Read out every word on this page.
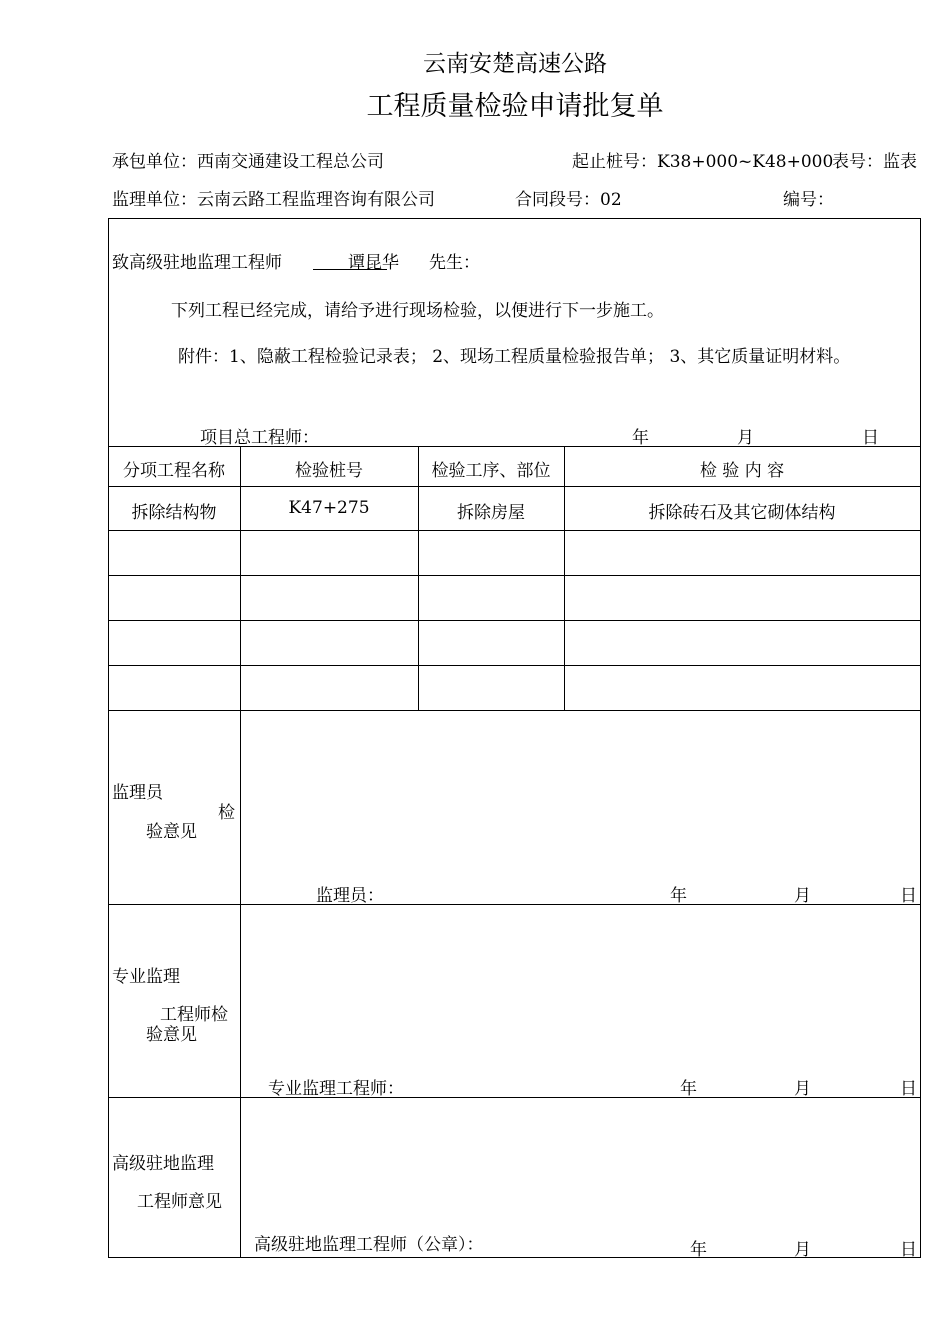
云南安楚高速公路
工程质量检验申请批复单
承包单位：西南交通建设工程总公司	起止桩号：K38+000~K48+000
表号：监表
监理单位：云南云路工程监理咨询有限公司	合同段号：02	编号：
致高级驻地监理工程师	谭昆华 先生：
下列工程已经完成，请给予进行现场检验，以便进行下一步施工。
附件：1、隐蔽工程检验记录表； 2、现场工程质量检验报告单； 3、其它质量证明材料。
项目总工程师：	年	月	日
分项工程名称	检验桩号	检验工序、部位	检 验 内 容
拆除结构物	K47+275	拆除房屋	拆除砖石及其它砌体结构
监理员
检
验意见
监理员：	年	月	日
专业监理
工程师检
验意见
专业监理工程师：	年	月	日
高级驻地监理
工程师意见
高级驻地监理工程师（公章）：	年	月	日
